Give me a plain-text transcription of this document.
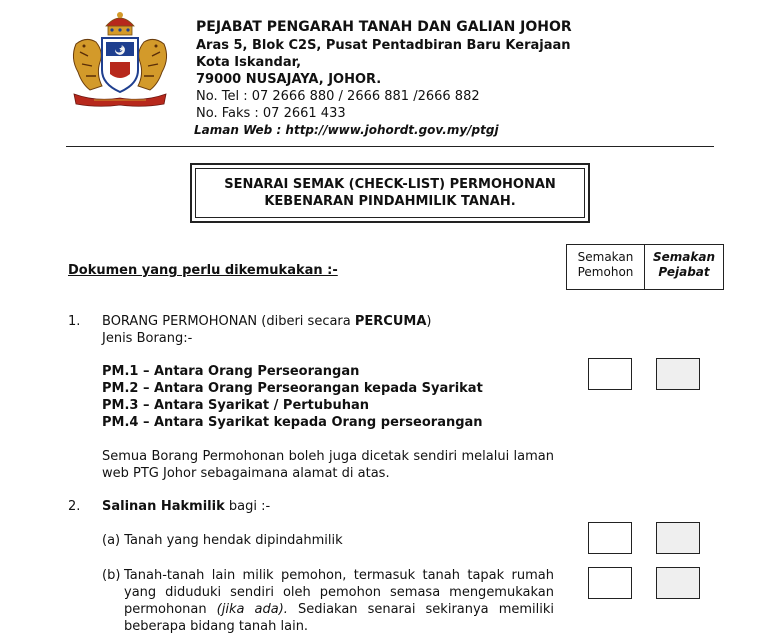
PEJABAT PENGARAH TANAH DAN GALIAN JOHOR
Aras 5, Blok C2S, Pusat Pentadbiran Baru Kerajaan
Kota Iskandar,
79000 NUSAJAYA, JOHOR.
No. Tel : 07 2666 880 / 2666 881 /2666 882
No. Faks : 07 2661 433
Laman Web : http://www.johordt.gov.my/ptgj
SENARAI SEMAK (CHECK-LIST) PERMOHONAN
KEBENARAN PINDAHMILIK TANAH.
Semakan
Pemohon
Semakan
Pejabat
Dokumen yang perlu dikemukakan :-
1. BORANG PERMOHONAN (diberi secara PERCUMA)
Jenis Borang:-
PM.1 – Antara Orang Perseorangan
PM.2 – Antara Orang Perseorangan kepada Syarikat
PM.3 – Antara Syarikat / Pertubuhan
PM.4 – Antara Syarikat kepada Orang perseorangan
Semua Borang Permohonan boleh juga dicetak sendiri melalui laman web PTG Johor sebagaimana alamat di atas.
2. Salinan Hakmilik bagi :-
(a) Tanah yang hendak dipindahmilik
(b) Tanah-tanah lain milik pemohon, termasuk tanah tapak rumah yang diduduki sendiri oleh pemohon semasa mengemukakan permohonan (jika ada). Sediakan senarai sekiranya memiliki beberapa bidang tanah lain.
